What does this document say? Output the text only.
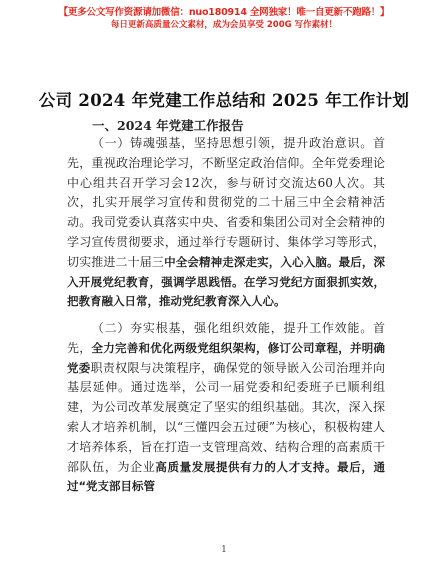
【更多公文写作资源请加微信：nuo180914 全网独家！唯一自更新不跑路！】
每日更新高质量公文素材，成为会员享受 200G 写作素材！
公司 2024 年党建工作总结和 2025 年工作计划
一、2024 年党建工作报告
（一）铸魂强基，坚持思想引领，提升政治意识。首先，重视政治理论学习，不断坚定政治信仰。全年党委理论中心组共召开学习会12次，参与研讨交流达60人次。其次，扎实开展学习宣传和贯彻党的二十届三中全会精神活动。我司党委认真落实中央、省委和集团公司对全会精神的学习宣传贯彻要求，通过举行专题研讨、集体学习等形式，切实推进二十届三中全会精神走深走实，入心入脑。最后，深入开展党纪教育，强调学思践悟。在学习党纪方面狠抓实效，把教育融入日常，推动党纪教育深入人心。
（二）夯实根基，强化组织效能，提升工作效能。首先，全力完善和优化两级党组织架构，修订公司章程，并明确党委职责权限与决策程序，确保党的领导嵌入公司治理并向基层延伸。通过选举，公司一届党委和纪委班子已顺利组建，为公司改革发展奠定了坚实的组织基础。其次，深入探索人才培养机制，以“三懂四会五过硬”为核心，积极构建人才培养体系，旨在打造一支管理高效、结构合理的高素质干部队伍，为企业高质量发展提供有力的人才支持。最后，通过“党支部目标管
1
